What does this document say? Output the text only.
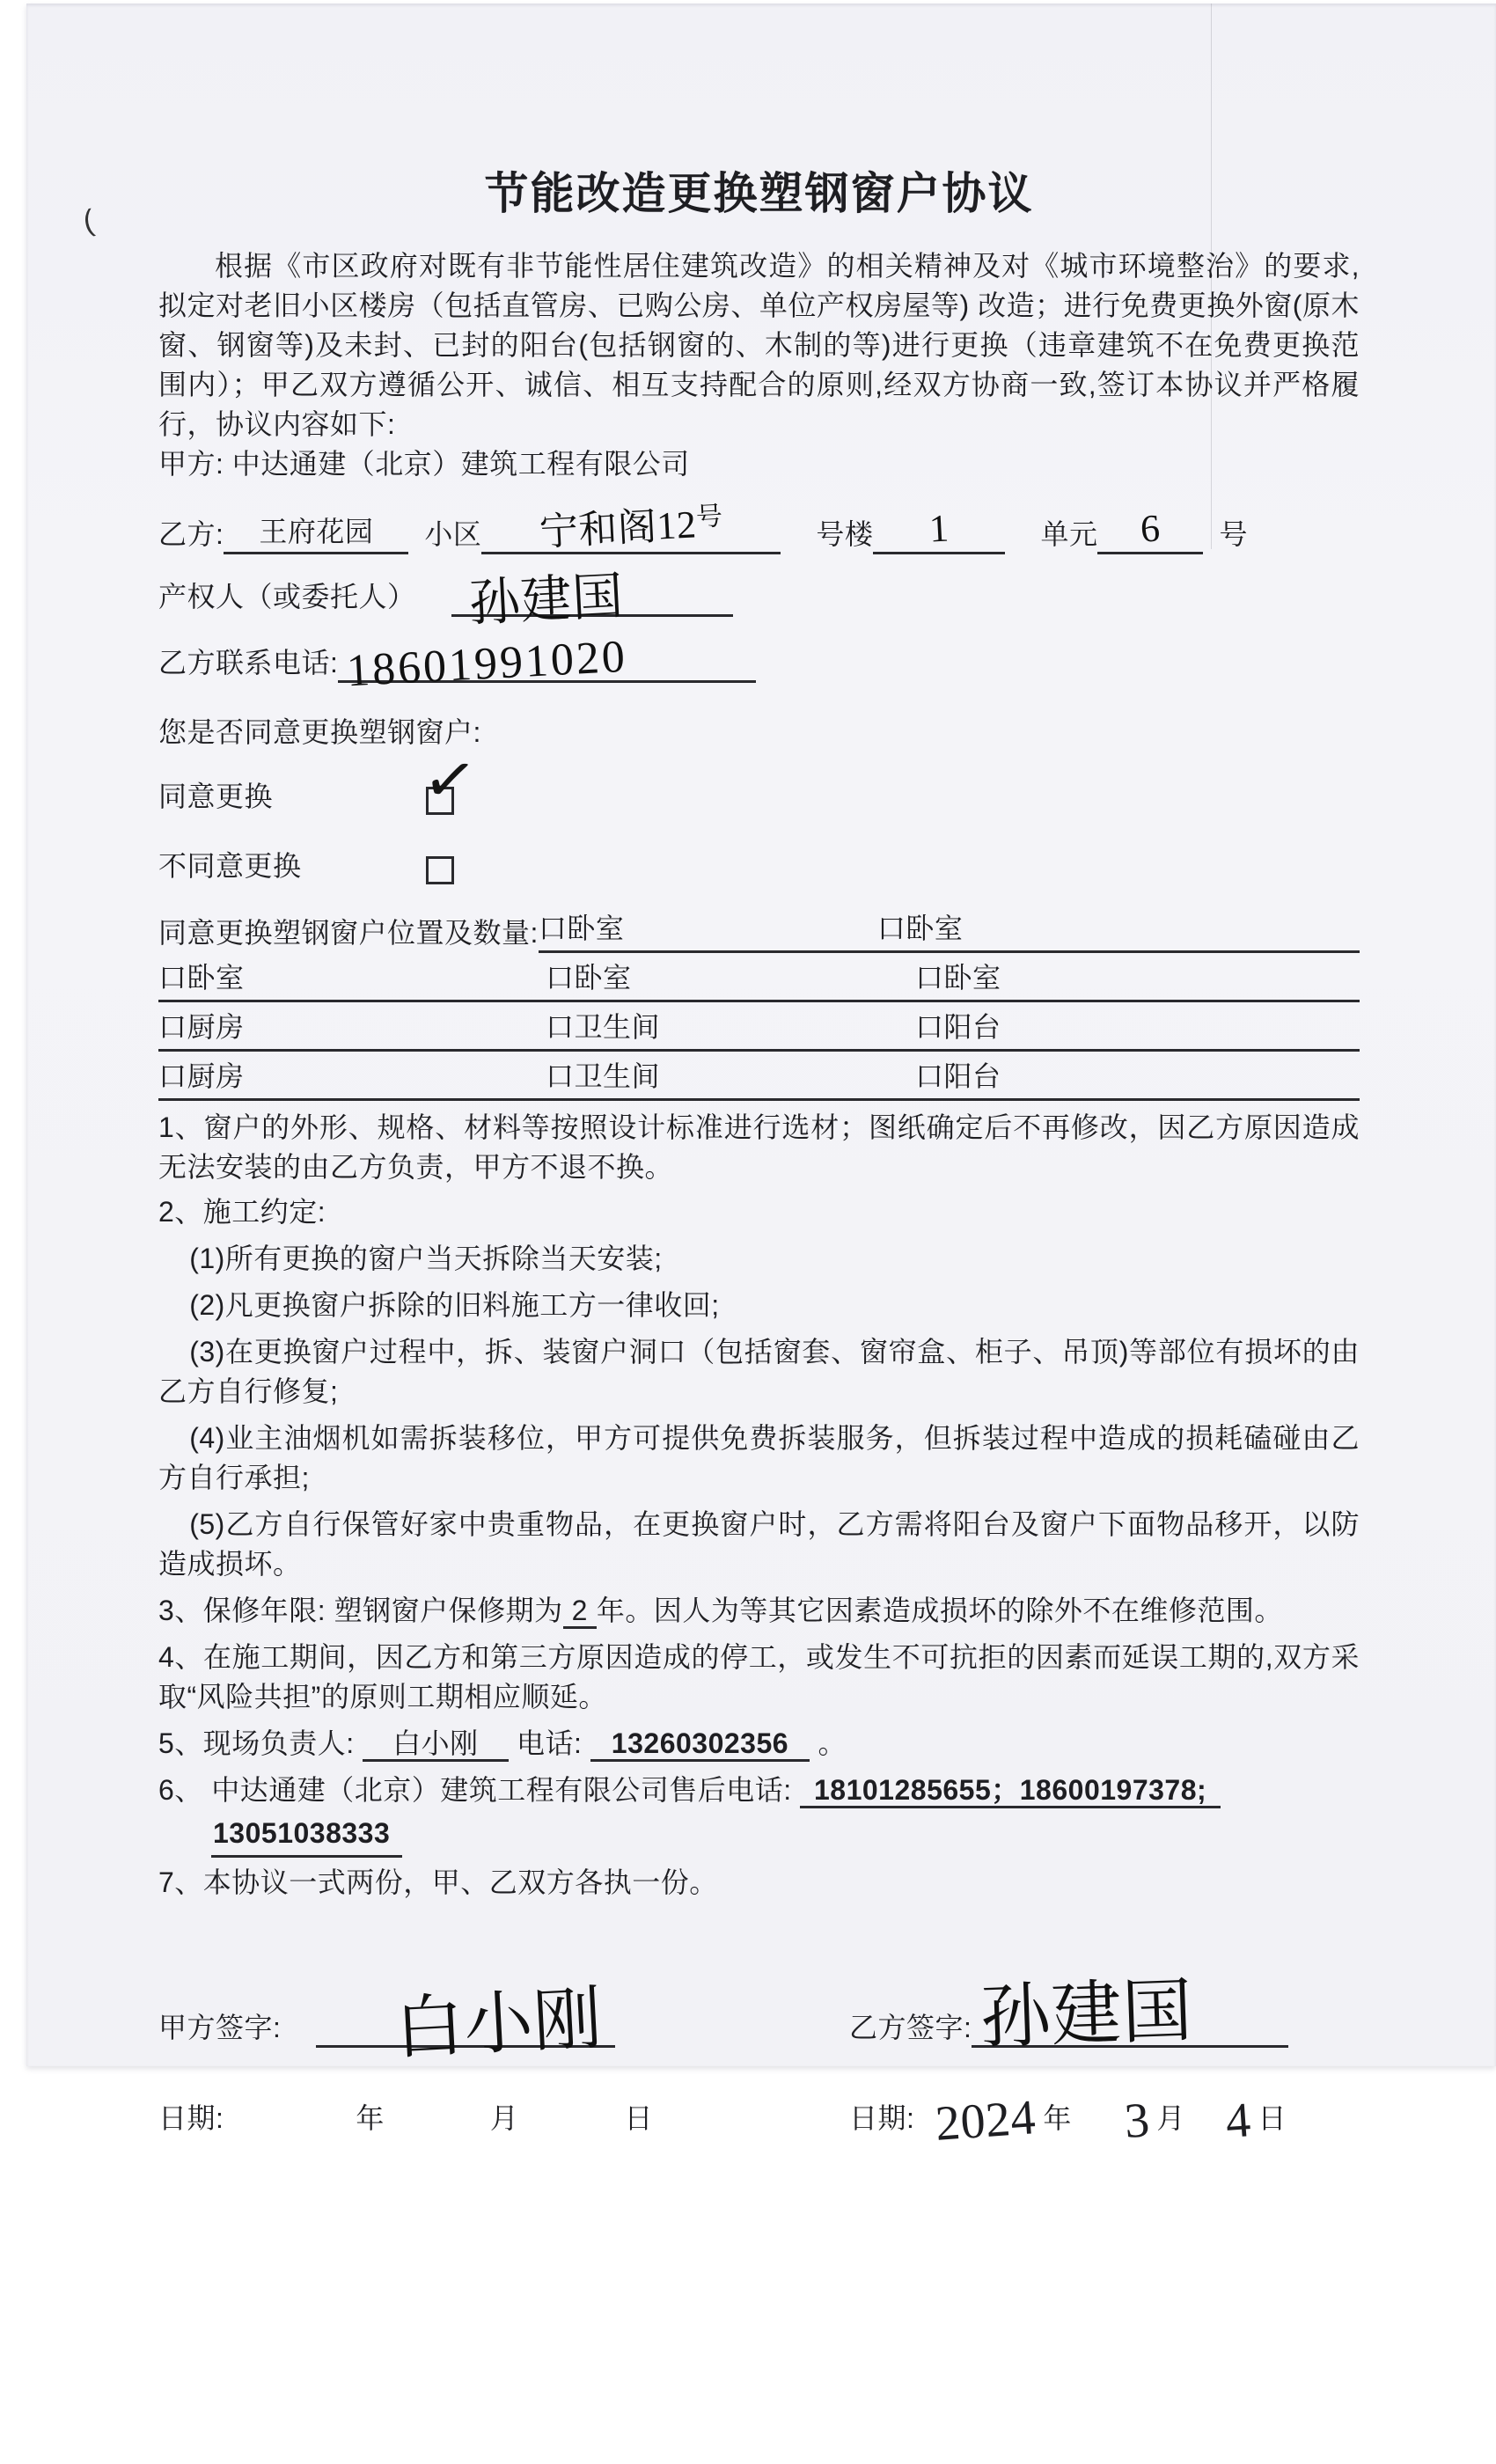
(
节能改造更换塑钢窗户协议

根据《市区政府对既有非节能性居住建筑改造》的相关精神及对《城市环境整治》的要求,拟定对老旧小区楼房（包括直管房、已购公房、单位产权房屋等) 改造；进行免费更换外窗(原木窗、钢窗等)及未封、已封的阳台(包括钢窗的、木制的等)进行更换（违章建筑不在免费更换范围内）；甲乙双方遵循公开、诚信、相互支持配合的原则,经双方协商一致,签订本协议并严格履行，协议内容如下:

甲方: 中达通建（北京）建筑工程有限公司
乙方:	王府花园	小区	宁和阁12号
号楼	1	单元	6	号
产权人（或委托人） 孙建国
乙方联系电话: 18601991020
您是否同意更换塑钢窗户:
同意更换	✓
不同意更换
同意更换塑钢窗户位置及数量: 口卧室	口卧室
口卧室	口卧室	口卧室
口厨房	口卫生间	口阳台
口厨房	口卫生间	口阳台

1、窗户的外形、规格、材料等按照设计标准进行选材；图纸确定后不再修改，因乙方原因造成无法安装的由乙方负责，甲方不退不换。

2、施工约定:

(1)所有更换的窗户当天拆除当天安装;

(2)凡更换窗户拆除的旧料施工方一律收回;

(3)在更换窗户过程中，拆、装窗户洞口（包括窗套、窗帘盒、柜子、吊顶)等部位有损坏的由乙方自行修复;

(4)业主油烟机如需拆装移位，甲方可提供免费拆装服务，但拆装过程中造成的损耗磕碰由乙方自行承担;

(5)乙方自行保管好家中贵重物品，在更换窗户时，乙方需将阳台及窗户下面物品移开，以防造成损坏。

3、保修年限: 塑钢窗户保修期为 2 年。因人为等其它因素造成损坏的除外不在维修范围。

4、在施工期间，因乙方和第三方原因造成的停工，或发生不可抗拒的因素而延误工期的,双方采取“风险共担”的原则工期相应顺延。

5、现场负责人: 白小刚 电话: 13260302356 。

6、 中达通建（北京）建筑工程有限公司售后电话: 18101285655；18600197378;
13051038333

7、本协议一式两份，甲、乙双方各执一份。

甲方签字: 白小刚	乙方签字: 孙建国
日期:	年	月	日	日期: 2024 年 3 月 4 日
